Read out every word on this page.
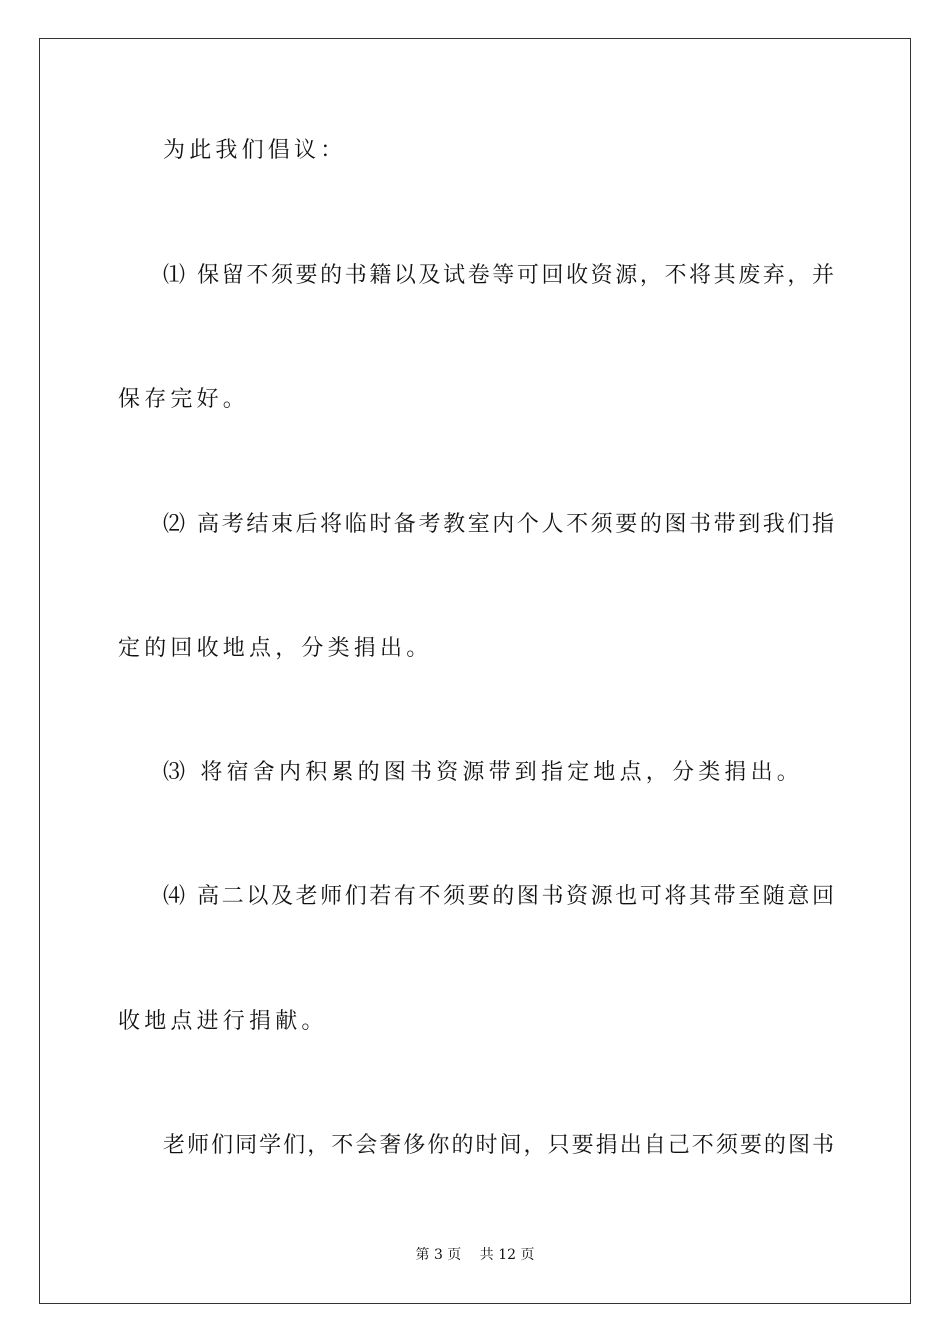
为此我们倡议：
⑴ 保留不须要的书籍以及试卷等可回收资源，不将其废弃，并
保存完好。
⑵ 高考结束后将临时备考教室内个人不须要的图书带到我们指
定的回收地点，分类捐出。
⑶ 将宿舍内积累的图书资源带到指定地点，分类捐出。
⑷ 高二以及老师们若有不须要的图书资源也可将其带至随意回
收地点进行捐献。
老师们同学们，不会奢侈你的时间，只要捐出自己不须要的图书
第 3 页　 共 12 页
